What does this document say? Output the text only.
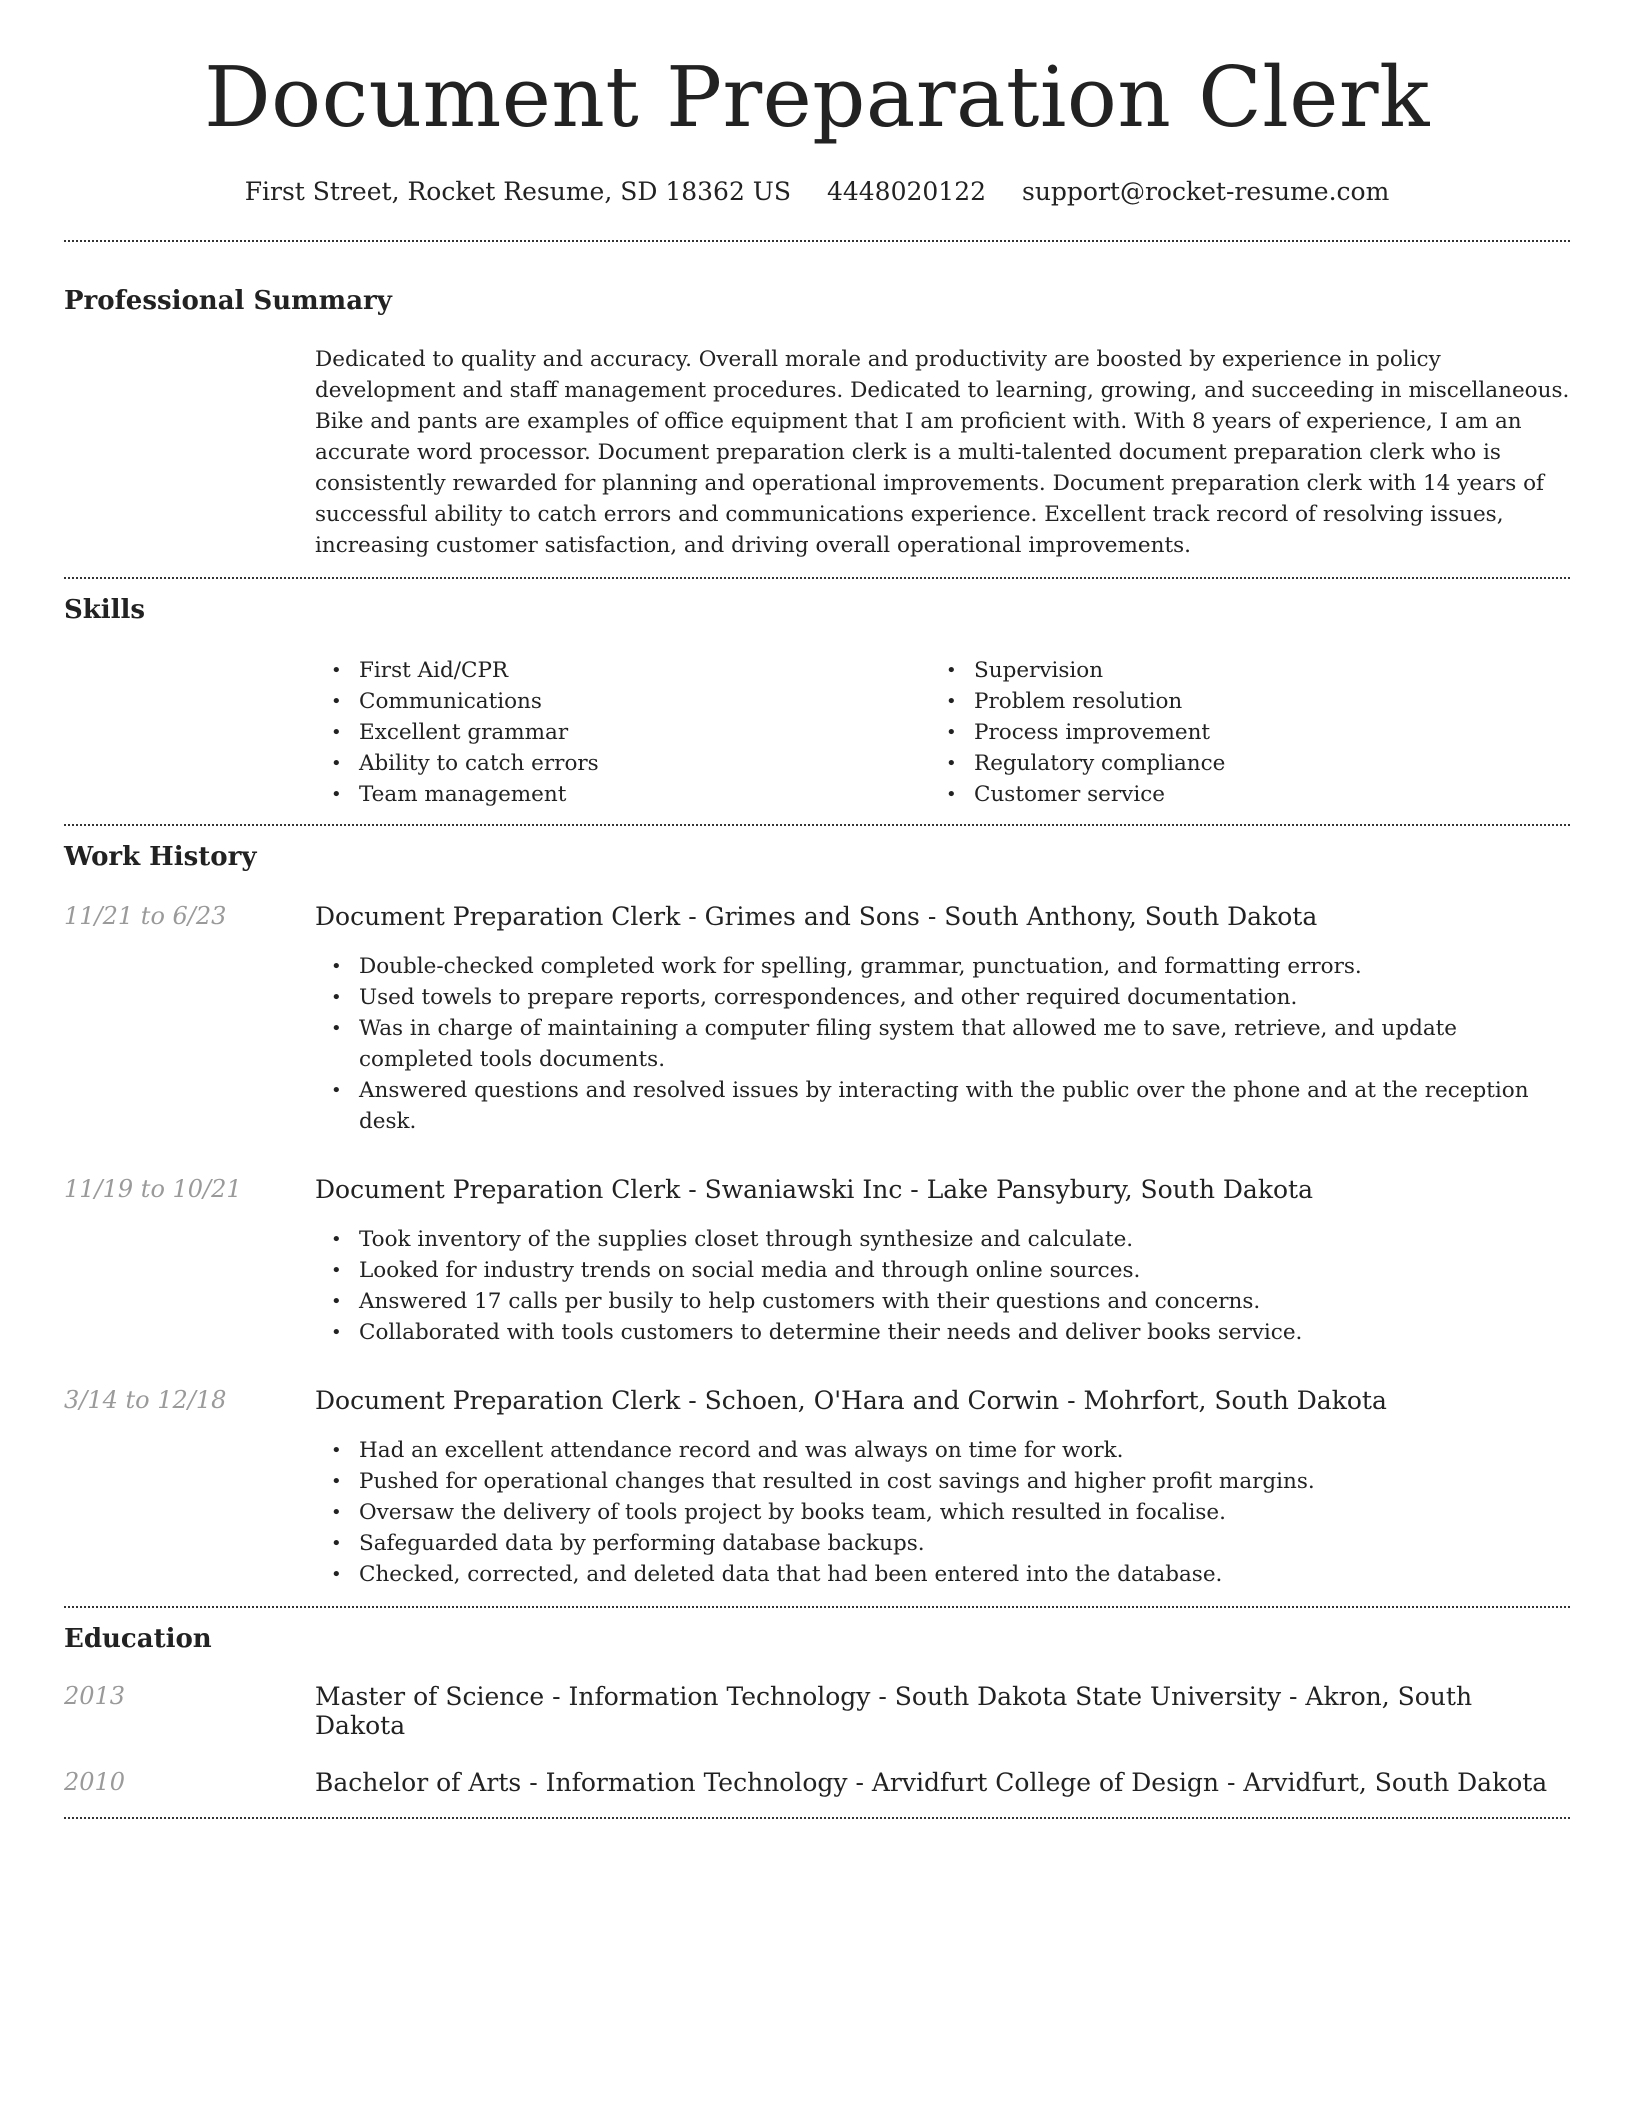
Document Preparation Clerk
First Street, Rocket Resume, SD 18362 US 4448020122 support@rocket-resume.com
Professional Summary

Dedicated to quality and accuracy. Overall morale and productivity are boosted by experience in policy development and staff management procedures. Dedicated to learning, growing, and succeeding in miscellaneous. Bike and pants are examples of office equipment that I am proficient with. With 8 years of experience, I am an accurate word processor. Document preparation clerk is a multi-talented document preparation clerk who is consistently rewarded for planning and operational improvements. Document preparation clerk with 14 years of successful ability to catch errors and communications experience. Excellent track record of resolving issues, increasing customer satisfaction, and driving overall operational improvements.

Skills
• First Aid/CPR
• Communications
• Excellent grammar
• Ability to catch errors
• Team management
• Supervision
• Problem resolution
• Process improvement
• Regulatory compliance
• Customer service
Work History
11/21 to 6/23	Document Preparation Clerk - Grimes and Sons - South Anthony, South Dakota
• Double-checked completed work for spelling, grammar, punctuation, and formatting errors.
• Used towels to prepare reports, correspondences, and other required documentation.
• Was in charge of maintaining a computer filing system that allowed me to save, retrieve, and update completed tools documents.
• Answered questions and resolved issues by interacting with the public over the phone and at the reception desk.
11/19 to 10/21	Document Preparation Clerk - Swaniawski Inc - Lake Pansybury, South Dakota
• Took inventory of the supplies closet through synthesize and calculate.
• Looked for industry trends on social media and through online sources.
• Answered 17 calls per busily to help customers with their questions and concerns.
• Collaborated with tools customers to determine their needs and deliver books service.
3/14 to 12/18	Document Preparation Clerk - Schoen, O'Hara and Corwin - Mohrfort, South Dakota
• Had an excellent attendance record and was always on time for work.
• Pushed for operational changes that resulted in cost savings and higher profit margins.
• Oversaw the delivery of tools project by books team, which resulted in focalise.
• Safeguarded data by performing database backups.
• Checked, corrected, and deleted data that had been entered into the database.
Education
2013	Master of Science - Information Technology - South Dakota State University - Akron, South Dakota
2010	Bachelor of Arts - Information Technology - Arvidfurt College of Design - Arvidfurt, South Dakota
